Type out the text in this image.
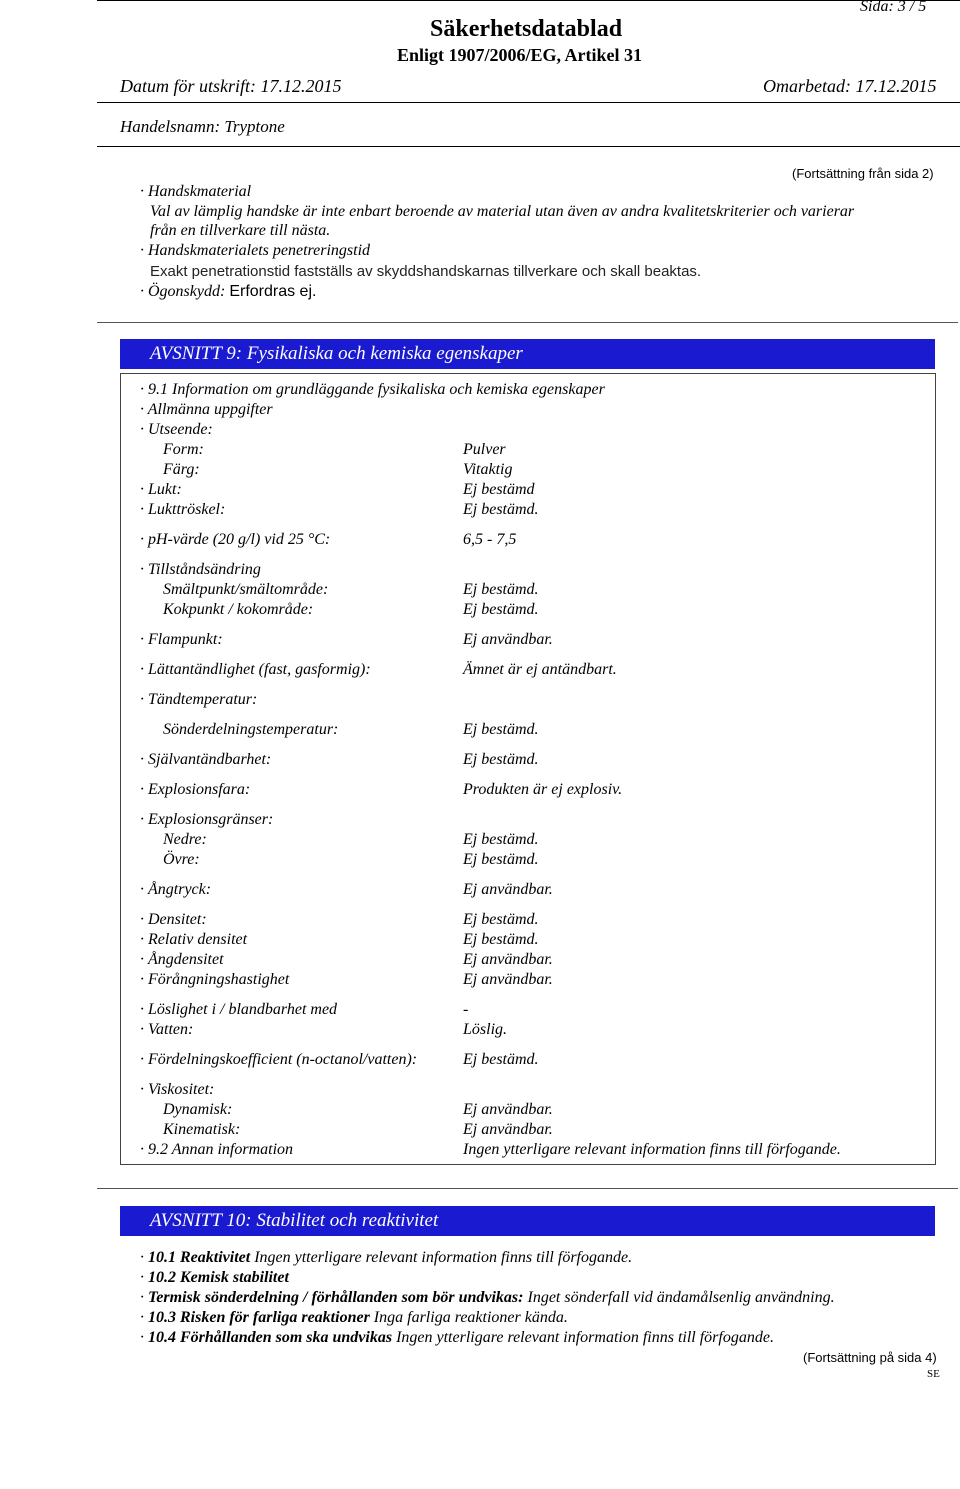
Sida: 3 / 5
Säkerhetsdatablad
Enligt 1907/2006/EG, Artikel 31
Datum för utskrift: 17.12.2015	Omarbetad: 17.12.2015
Handelsnamn: Tryptone
(Fortsättning från sida 2)
· Handskmaterial
Val av lämplig handske är inte enbart beroende av material utan även av andra kvalitetskriterier och varierar
från en tillverkare till nästa.
· Handskmaterialets penetreringstid
Exakt penetrationstid fastställs av skyddshandskarnas tillverkare och skall beaktas.
· Ögonskydd: Erfordras ej.
AVSNITT 9: Fysikaliska och kemiska egenskaper
· 9.1 Information om grundläggande fysikaliska och kemiska egenskaper
· Allmänna uppgifter
· Utseende:
Form:	Pulver
Färg:	Vitaktig
· Lukt:	Ej bestämd
· Lukttröskel:	Ej bestämd.
· pH-värde (20 g/l) vid 25 °C:	6,5 - 7,5
· Tillståndsändring
Smältpunkt/smältområde:	Ej bestämd.
Kokpunkt / kokområde:	Ej bestämd.
· Flampunkt:	Ej användbar.
· Lättantändlighet (fast, gasformig):	Ämnet är ej antändbart.
· Tändtemperatur:
Sönderdelningstemperatur:	Ej bestämd.
· Självantändbarhet:	Ej bestämd.
· Explosionsfara:	Produkten är ej explosiv.
· Explosionsgränser:
Nedre:	Ej bestämd.
Övre:	Ej bestämd.
· Ångtryck:	Ej användbar.
· Densitet:	Ej bestämd.
· Relativ densitet	Ej bestämd.
· Ångdensitet	Ej användbar.
· Förångningshastighet	Ej användbar.
· Löslighet i / blandbarhet med	-
· Vatten:	Löslig.
· Fördelningskoefficient (n-octanol/vatten):	Ej bestämd.
· Viskositet:
Dynamisk:	Ej användbar.
Kinematisk:	Ej användbar.
· 9.2 Annan information	Ingen ytterligare relevant information finns till förfogande.
AVSNITT 10: Stabilitet och reaktivitet
· 10.1 Reaktivitet Ingen ytterligare relevant information finns till förfogande.
· 10.2 Kemisk stabilitet
· Termisk sönderdelning / förhållanden som bör undvikas: Inget sönderfall vid ändamålsenlig användning.
· 10.3 Risken för farliga reaktioner Inga farliga reaktioner kända.
· 10.4 Förhållanden som ska undvikas Ingen ytterligare relevant information finns till förfogande.
(Fortsättning på sida 4)
SE
